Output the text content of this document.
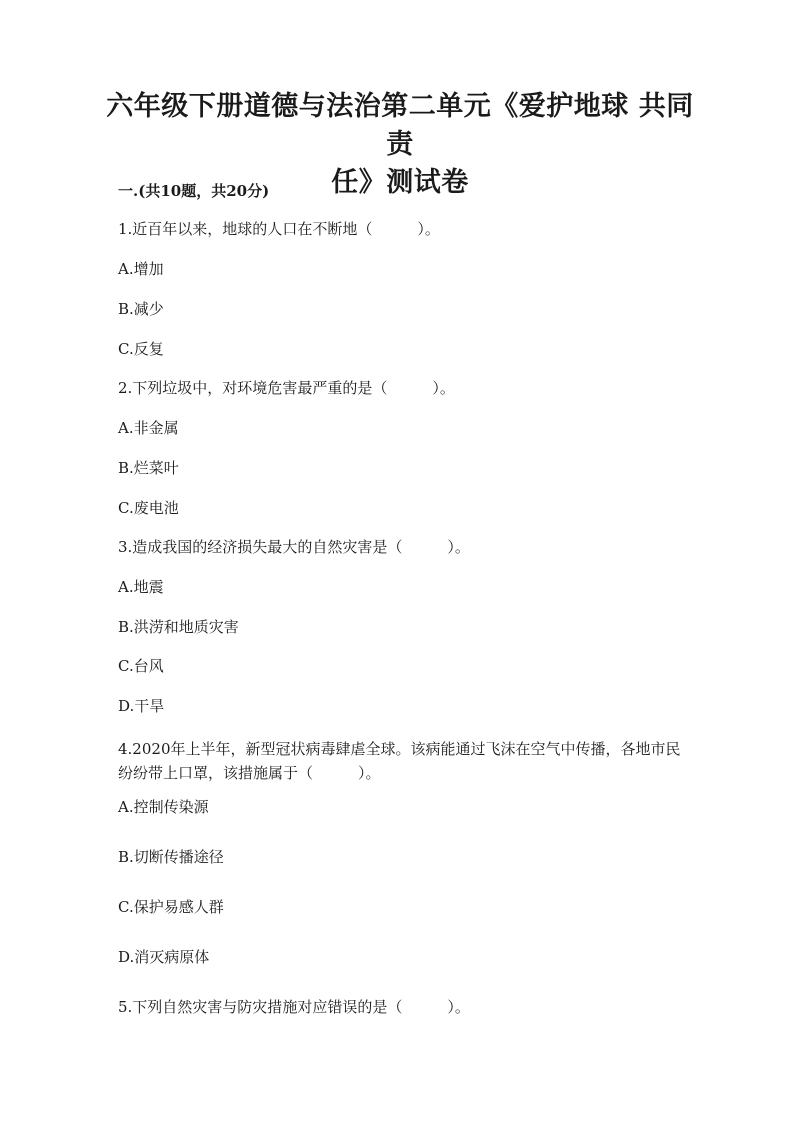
六年级下册道德与法治第二单元《爱护地球 共同责
任》测试卷
一.(共10题，共20分)
1.近百年以来，地球的人口在不断地（　　　）。
A.增加
B.减少
C.反复
2.下列垃圾中，对环境危害最严重的是（　　　）。
A.非金属
B.烂菜叶
C.废电池
3.造成我国的经济损失最大的自然灾害是（　　　）。
A.地震
B.洪涝和地质灾害
C.台风
D.干旱
4.2020年上半年，新型冠状病毒肆虐全球。该病能通过飞沫在空气中传播，各地市民纷纷带上口罩，该措施属于（　　　）。
A.控制传染源
B.切断传播途径
C.保护易感人群
D.消灭病原体
5.下列自然灾害与防灾措施对应错误的是（　　　）。
